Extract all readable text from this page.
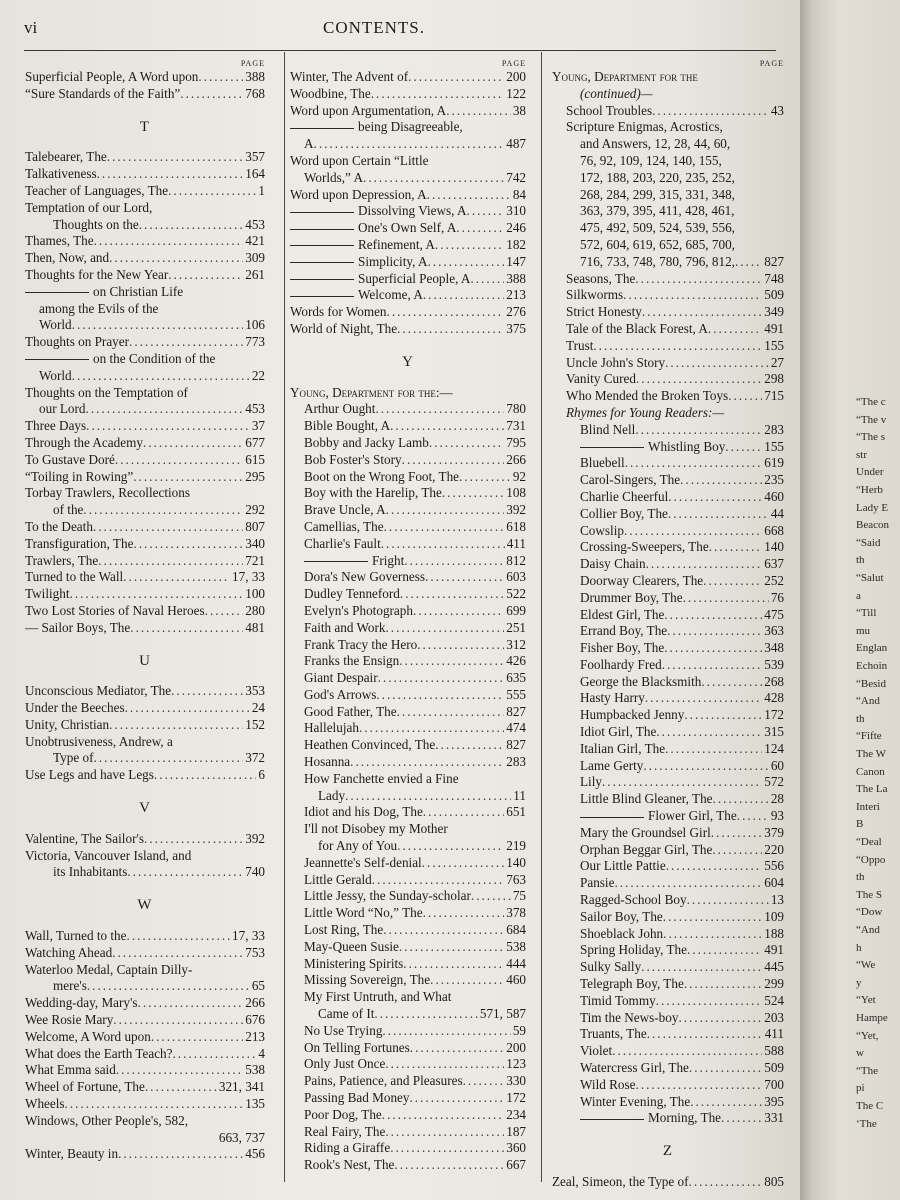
vi	CONTENTS.
PAGE
Superficial People, A Word upon .....	388
“Sure Standards of the Faith” .....	768
T
Talebearer, The .....	357
Talkativeness .....	164
Teacher of Languages, The .....	1
Temptation of our Lord,
Thoughts on the .....	453
Thames, The .....	421
Then, Now, and .....	309
Thoughts for the New Year .....	261
on Christian Life
among the Evils of the
World .....	106
Thoughts on Prayer .....	773
on the Condition of the
World .....	22
Thoughts on the Temptation of
our Lord .....	453
Three Days .....	37
Through the Academy .....	677
To Gustave Doré .....	615
“Toiling in Rowing” .....	295
Torbay Trawlers, Recollections
of the .....	292
To the Death .....	807
Transfiguration, The .....	340
Trawlers, The .....	721
Turned to the Wall .....	17, 33
Twilight .....	100
Two Lost Stories of Naval Heroes .....	280
— Sailor Boys, The .....	481
U
Unconscious Mediator, The .....	353
Under the Beeches .....	24
Unity, Christian .....	152
Unobtrusiveness, Andrew, a
Type of .....	372
Use Legs and have Legs .....	6
V
Valentine, The Sailor's .....	392
Victoria, Vancouver Island, and
its Inhabitants .....	740
W
Wall, Turned to the .....	17, 33
Watching Ahead .....	753
Waterloo Medal, Captain Dilly-
mere's .....	65
Wedding-day, Mary's .....	266
Wee Rosie Mary .....	676
Welcome, A Word upon .....	213
What does the Earth Teach? .....	4
What Emma said .....	538
Wheel of Fortune, The .....	321, 341
Wheels .....	135
Windows, Other People's, 582,
663, 737
Winter, Beauty in .....	456
PAGE
Winter, The Advent of .....	200
Woodbine, The .....	122
Word upon Argumentation, A .....	38
being Disagreeable,
A .....	487
Word upon Certain “Little
Worlds,” A .....	742
Word upon Depression, A .....	84
Dissolving Views, A .....	310
One's Own Self, A .....	246
Refinement, A .....	182
Simplicity, A .....	147
Superficial People, A .....	388
Welcome, A .....	213
Words for Women .....	276
World of Night, The .....	375
Y
Young, Department for the:—
Arthur Ought .....	780
Bible Bought, A .....	731
Bobby and Jacky Lamb .....	795
Bob Foster's Story .....	266
Boot on the Wrong Foot, The .....	92
Boy with the Harelip, The .....	108
Brave Uncle, A .....	392
Camellias, The .....	618
Charlie's Fault .....	411
Fright .....	812
Dora's New Governess .....	603
Dudley Tenneford .....	522
Evelyn's Photograph .....	699
Faith and Work .....	251
Frank Tracy the Hero .....	312
Franks the Ensign .....	426
Giant Despair .....	635
God's Arrows .....	555
Good Father, The .....	827
Hallelujah .....	474
Heathen Convinced, The .....	827
Hosanna .....	283
How Fanchette envied a Fine
Lady .....	11
Idiot and his Dog, The .....	651
I'll not Disobey my Mother
for Any of You .....	219
Jeannette's Self-denial .....	140
Little Gerald .....	763
Little Jessy, the Sunday-scholar .....	75
Little Word “No,” The .....	378
Lost Ring, The .....	684
May-Queen Susie .....	538
Ministering Spirits .....	444
Missing Sovereign, The .....	460
My First Untruth, and What
Came of It .....	571, 587
No Use Trying .....	59
On Telling Fortunes .....	200
Only Just Once .....	123
Pains, Patience, and Pleasures .....	330
Passing Bad Money .....	172
Poor Dog, The .....	234
Real Fairy, The .....	187
Riding a Giraffe .....	360
Rook's Nest, The .....	667
PAGE
Young, Department for the
(continued)—
School Troubles .....	43
Scripture Enigmas, Acrostics,
and Answers, 12, 28, 44, 60,
76, 92, 109, 124, 140, 155,
172, 188, 203, 220, 235, 252,
268, 284, 299, 315, 331, 348,
363, 379, 395, 411, 428, 461,
475, 492, 509, 524, 539, 556,
572, 604, 619, 652, 685, 700,
716, 733, 748, 780, 796, 812, ..... 827
Seasons, The .....	748
Silkworms .....	509
Strict Honesty .....	349
Tale of the Black Forest, A .....	491
Trust .....	155
Uncle John's Story .....	27
Vanity Cured .....	298
Who Mended the Broken Toys .....	715
Rhymes for Young Readers:—
Blind Nell .....	283
Whistling Boy .....	155
Bluebell .....	619
Carol-Singers, The .....	235
Charlie Cheerful .....	460
Collier Boy, The .....	44
Cowslip .....	668
Crossing-Sweepers, The .....	140
Daisy Chain .....	637
Doorway Clearers, The .....	252
Drummer Boy, The .....	76
Eldest Girl, The .....	475
Errand Boy, The .....	363
Fisher Boy, The .....	348
Foolhardy Fred .....	539
George the Blacksmith .....	268
Hasty Harry .....	428
Humpbacked Jenny .....	172
Idiot Girl, The .....	315
Italian Girl, The .....	124
Lame Gerty .....	60
Lily .....	572
Little Blind Gleaner, The .....	28
Flower Girl, The .....	93
Mary the Groundsel Girl .....	379
Orphan Beggar Girl, The .....	220
Our Little Pattie .....	556
Pansie .....	604
Ragged-School Boy .....	13
Sailor Boy, The .....	109
Shoeblack John .....	188
Spring Holiday, The .....	491
Sulky Sally .....	445
Telegraph Boy, The .....	299
Timid Tommy .....	524
Tim the News-boy .....	203
Truants, The .....	411
Violet .....	588
Watercress Girl, The .....	509
Wild Rose .....	700
Winter Evening, The .....	395
Morning, The .....	331
Z
Zeal, Simeon, the Type of .....	805
“The c
“The v
“The s
str
Under
“Herb
Lady E
Beacon
“Said
th
“Salut
a
“Till
mu
Englan
Echoin
“Besid
“And
th
“Fifte
The W
Canon
The La
Interi
B
“Deal
“Oppo
th
The S
“Dow
“And
h
“We
y
“Yet
Hampe
“Yet,
w
“The
pi
The C
‘The
